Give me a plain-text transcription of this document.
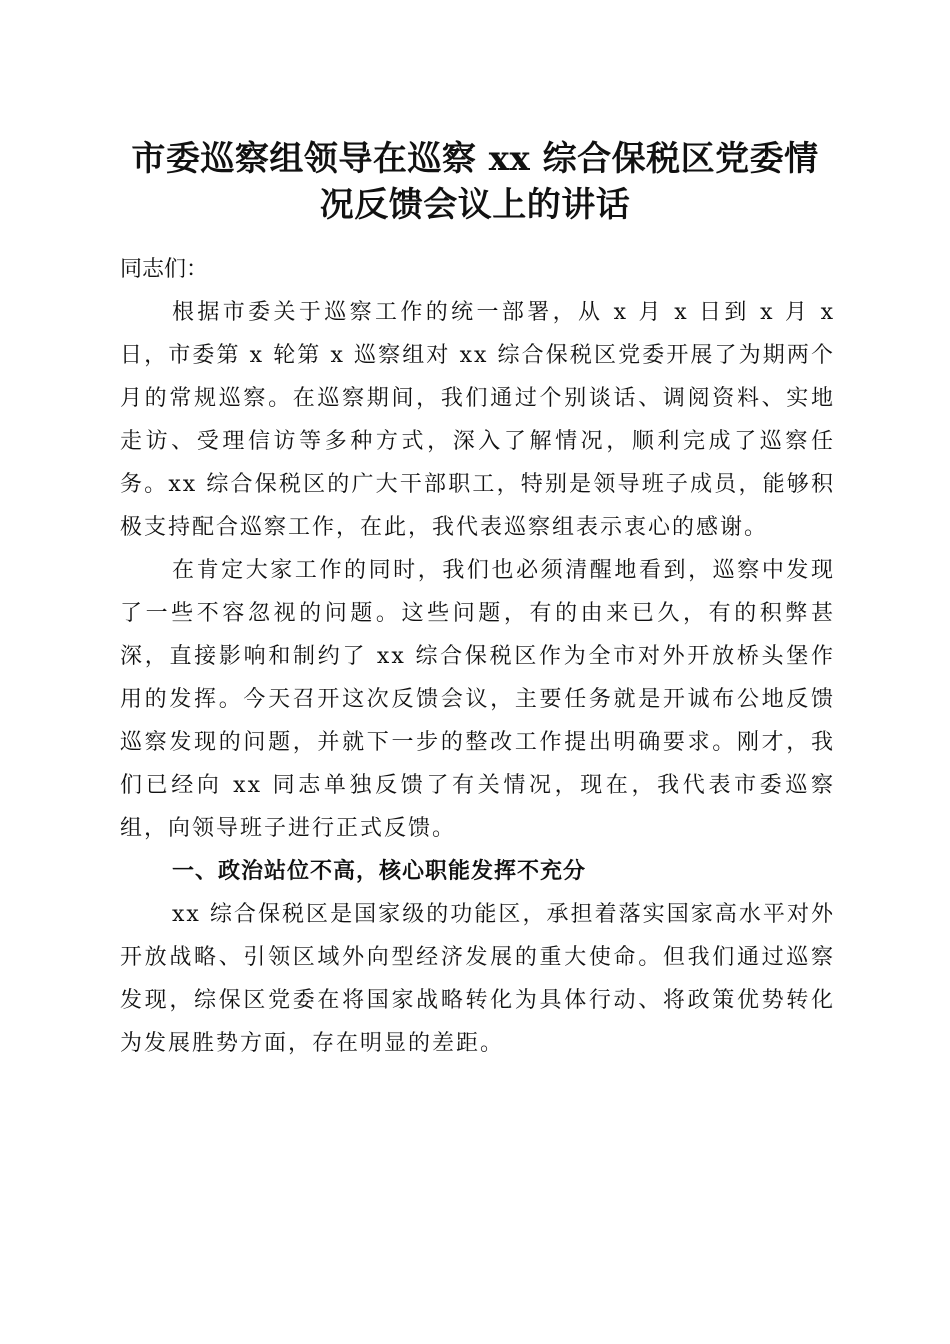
市委巡察组领导在巡察 xx 综合保税区党委情
况反馈会议上的讲话

同志们：

根据市委关于巡察工作的统一部署，从 x 月 x 日到 x 月 x 日，市委第 x 轮第 x 巡察组对 xx 综合保税区党委开展了为期两个月的常规巡察。在巡察期间，我们通过个别谈话、调阅资料、实地走访、受理信访等多种方式，深入了解情况，顺利完成了巡察任务。xx 综合保税区的广大干部职工，特别是领导班子成员，能够积极支持配合巡察工作，在此，我代表巡察组表示衷心的感谢。

在肯定大家工作的同时，我们也必须清醒地看到，巡察中发现了一些不容忽视的问题。这些问题，有的由来已久，有的积弊甚深，直接影响和制约了 xx 综合保税区作为全市对外开放桥头堡作用的发挥。今天召开这次反馈会议，主要任务就是开诚布公地反馈巡察发现的问题，并就下一步的整改工作提出明确要求。刚才，我们已经向 xx 同志单独反馈了有关情况，现在，我代表市委巡察组，向领导班子进行正式反馈。

一、政治站位不高，核心职能发挥不充分

xx 综合保税区是国家级的功能区，承担着落实国家高水平对外开放战略、引领区域外向型经济发展的重大使命。但我们通过巡察发现，综保区党委在将国家战略转化为具体行动、将政策优势转化为发展胜势方面，存在明显的差距。
